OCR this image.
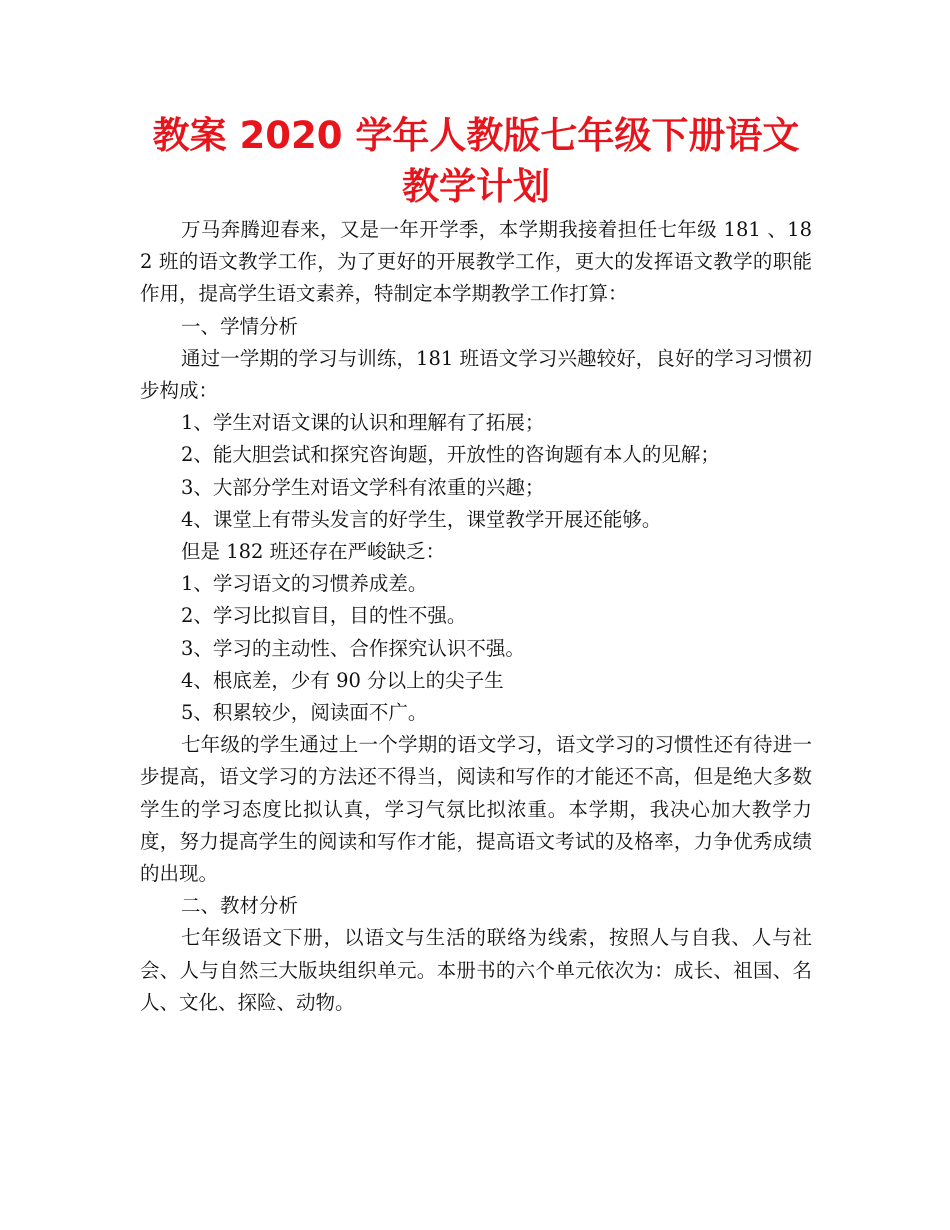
教案 2020 学年人教版七年级下册语文教学计划

万马奔腾迎春来，又是一年开学季，本学期我接着担任七年级 181 、182 班的语文教学工作，为了更好的开展教学工作，更大的发挥语文教学的职能作用，提高学生语文素养，特制定本学期教学工作打算：

一、学情分析

通过一学期的学习与训练，181 班语文学习兴趣较好，良好的学习习惯初步构成：

1、学生对语文课的认识和理解有了拓展；

2、能大胆尝试和探究咨询题，开放性的咨询题有本人的见解；

3、大部分学生对语文学科有浓重的兴趣；

4、课堂上有带头发言的好学生，课堂教学开展还能够。

但是 182 班还存在严峻缺乏：

1、学习语文的习惯养成差。

2、学习比拟盲目，目的性不强。

3、学习的主动性、合作探究认识不强。

4、根底差，少有 90 分以上的尖子生

5、积累较少，阅读面不广。

七年级的学生通过上一个学期的语文学习，语文学习的习惯性还有待进一步提高，语文学习的方法还不得当，阅读和写作的才能还不高，但是绝大多数学生的学习态度比拟认真，学习气氛比拟浓重。本学期，我决心加大教学力度，努力提高学生的阅读和写作才能，提高语文考试的及格率，力争优秀成绩的出现。

二、教材分析

七年级语文下册，以语文与生活的联络为线索，按照人与自我、人与社会、人与自然三大版块组织单元。本册书的六个单元依次为：成长、祖国、名人、文化、探险、动物。
